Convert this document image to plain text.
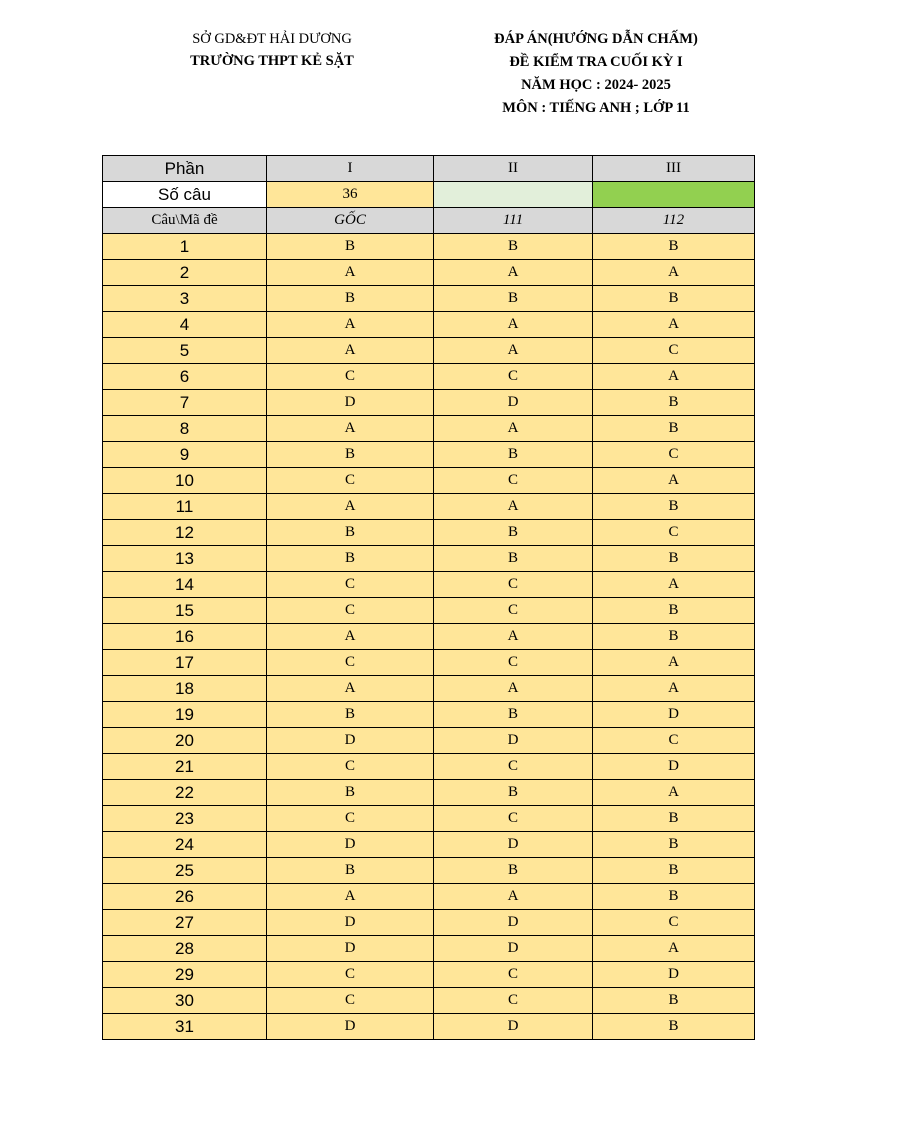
SỞ GD&ĐT HẢI DƯƠNG
TRƯỜNG THPT KẺ SẶT
ĐÁP ÁN(HƯỚNG DẪN CHẤM)
ĐỀ KIỂM TRA CUỐI KỲ I
NĂM HỌC : 2024- 2025
MÔN : TIẾNG ANH ; LỚP 11
Phần	I	II	III
Số câu	36		
Câu\Mã đề	GỐC	111	112
1	B	B	B
2	A	A	A
3	B	B	B
4	A	A	A
5	A	A	C
6	C	C	A
7	D	D	B
8	A	A	B
9	B	B	C
10	C	C	A
11	A	A	B
12	B	B	C
13	B	B	B
14	C	C	A
15	C	C	B
16	A	A	B
17	C	C	A
18	A	A	A
19	B	B	D
20	D	D	C
21	C	C	D
22	B	B	A
23	C	C	B
24	D	D	B
25	B	B	B
26	A	A	B
27	D	D	C
28	D	D	A
29	C	C	D
30	C	C	B
31	D	D	B
